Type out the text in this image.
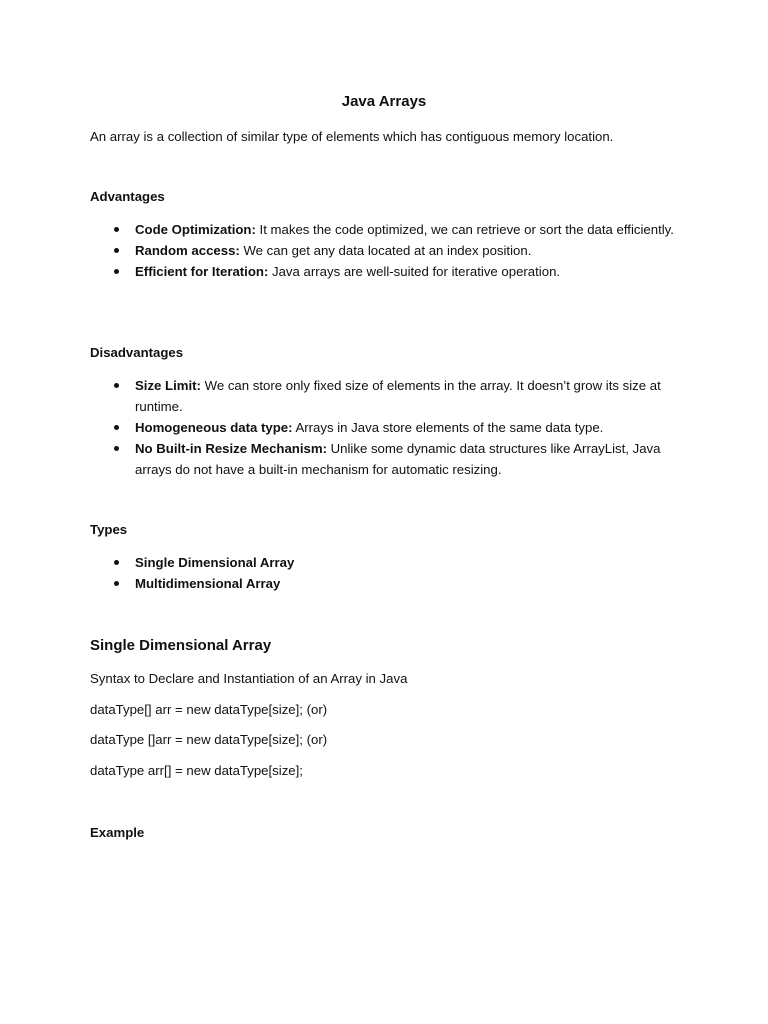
Java Arrays
An array is a collection of similar type of elements which has contiguous memory location.
Advantages
Code Optimization: It makes the code optimized, we can retrieve or sort the data efficiently.
Random access: We can get any data located at an index position.
Efficient for Iteration: Java arrays are well-suited for iterative operation.
Disadvantages
Size Limit: We can store only fixed size of elements in the array. It doesn’t grow its size at runtime.
Homogeneous data type: Arrays in Java store elements of the same data type.
No Built-in Resize Mechanism: Unlike some dynamic data structures like ArrayList, Java arrays do not have a built-in mechanism for automatic resizing.
Types
Single Dimensional Array
Multidimensional Array
Single Dimensional Array
Syntax to Declare and Instantiation of an Array in Java
dataType[] arr = new dataType[size]; (or)
dataType []arr = new dataType[size]; (or)
dataType arr[] = new dataType[size];
Example
